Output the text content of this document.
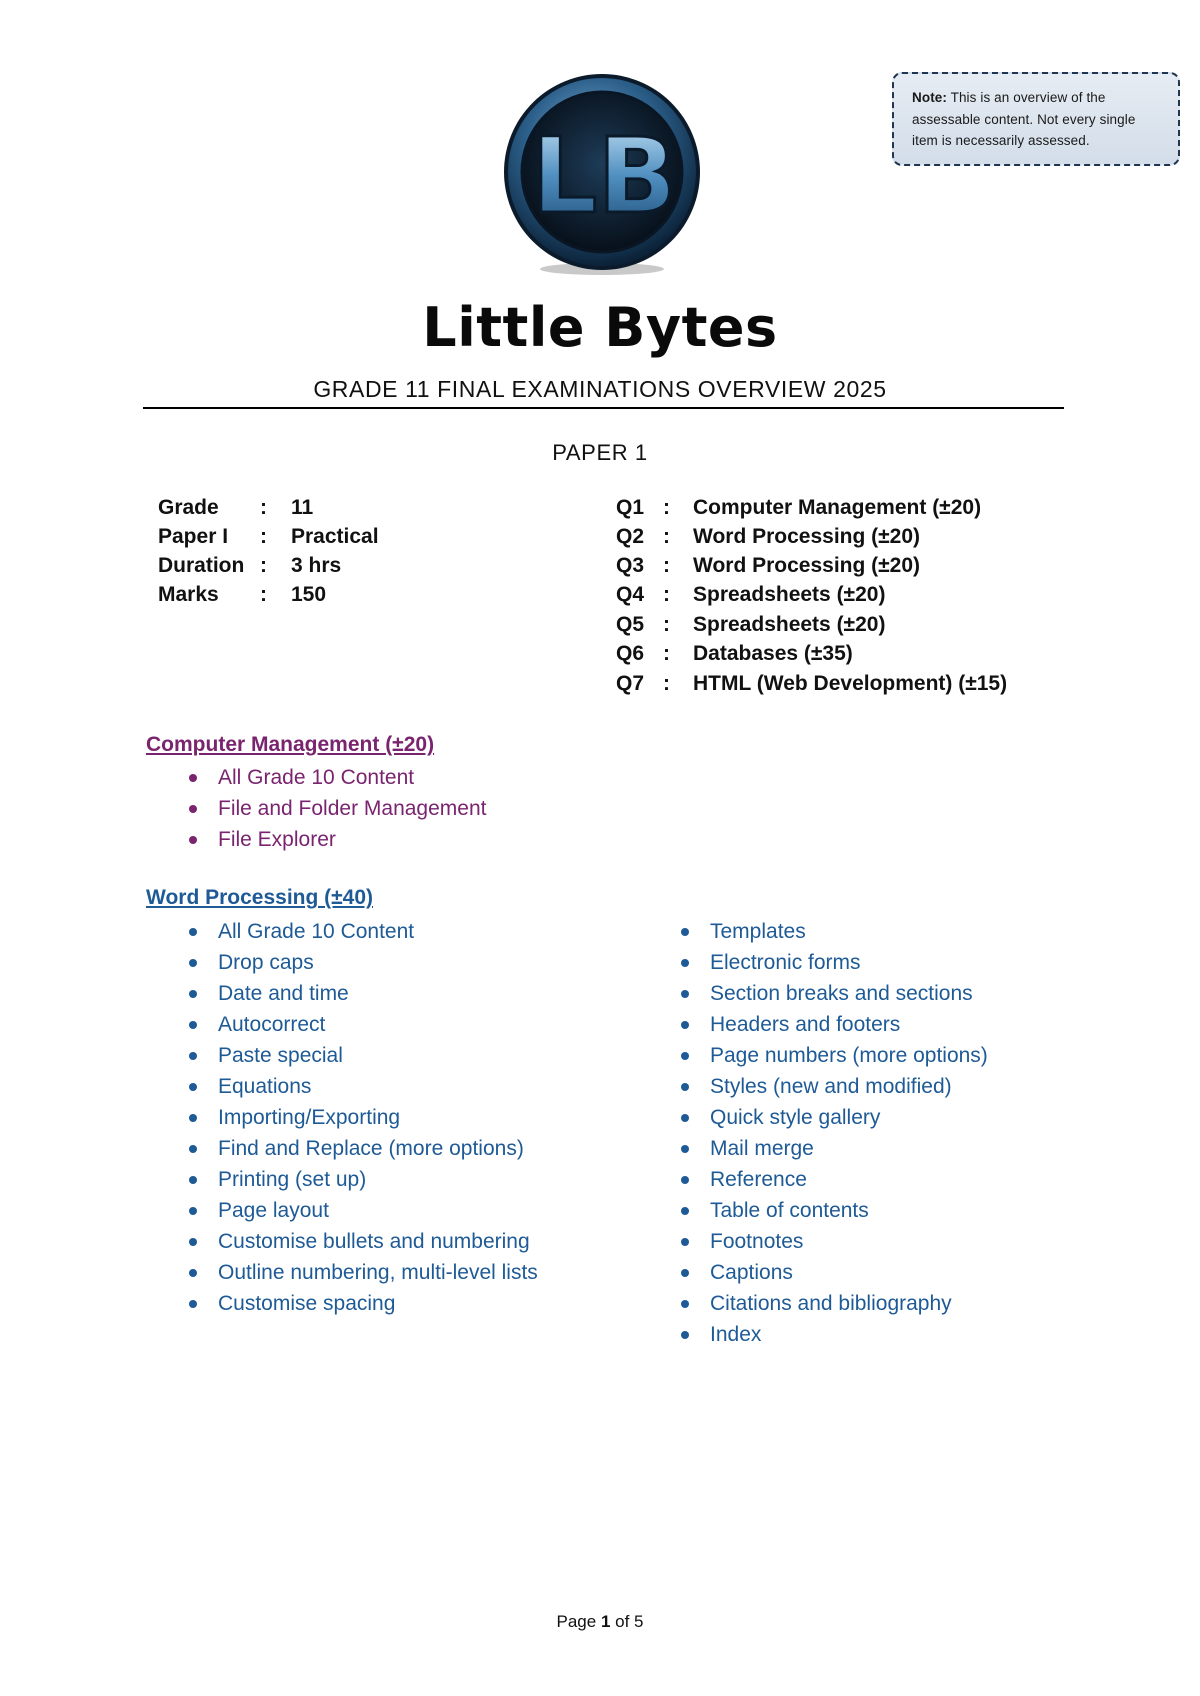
Note: This is an overview of the assessable content. Not every single item is necessarily assessed.
LB
Little Bytes
GRADE 11 FINAL EXAMINATIONS OVERVIEW 2025
PAPER 1
Grade : 11
Paper I : Practical
Duration : 3 hrs
Marks : 150
Q1 : Computer Management (±20)
Q2 : Word Processing (±20)
Q3 : Word Processing (±20)
Q4 : Spreadsheets (±20)
Q5 : Spreadsheets (±20)
Q6 : Databases (±35)
Q7 : HTML (Web Development) (±15)
Computer Management (±20)
All Grade 10 Content
File and Folder Management
File Explorer
Word Processing (±40)
All Grade 10 Content
Drop caps
Date and time
Autocorrect
Paste special
Equations
Importing/Exporting
Find and Replace (more options)
Printing (set up)
Page layout
Customise bullets and numbering
Outline numbering, multi-level lists
Customise spacing
Templates
Electronic forms
Section breaks and sections
Headers and footers
Page numbers (more options)
Styles (new and modified)
Quick style gallery
Mail merge
Reference
Table of contents
Footnotes
Captions
Citations and bibliography
Index
Page 1 of 5
